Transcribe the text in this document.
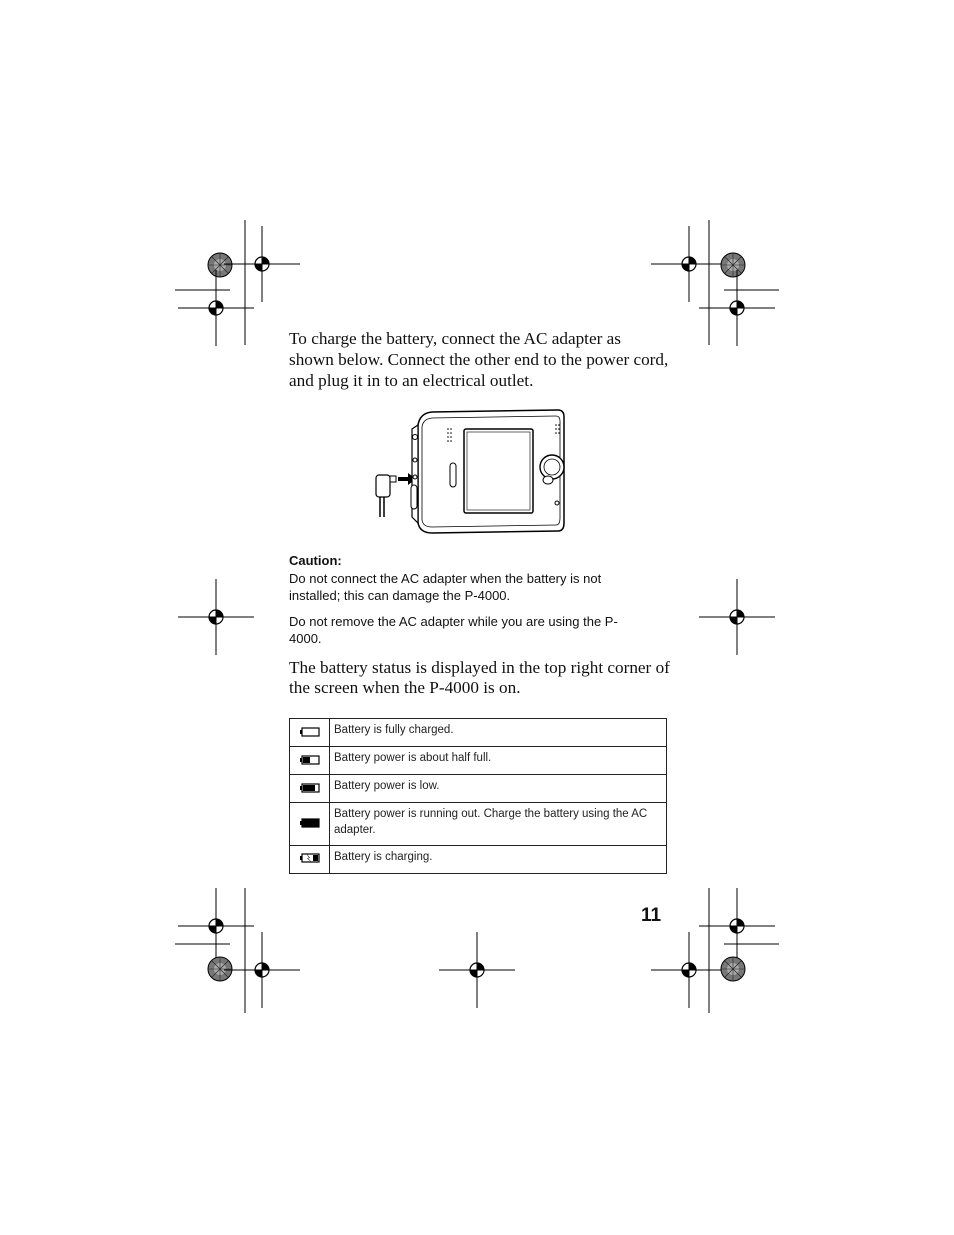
To charge the battery, connect the AC adapter as shown below. Connect the other end to the power cord, and plug it in to an electrical outlet.

Caution:
Do not connect the AC adapter when the battery is not installed; this can damage the P-4000.
Do not remove the AC adapter while you are using the P-4000.

The battery status is displayed in the top right corner of the screen when the P-4000 is on.

	Battery is fully charged.
	Battery power is about half full.
	Battery power is low.
	Battery power is running out. Charge the battery using the AC adapter.
	Battery is charging.
11
